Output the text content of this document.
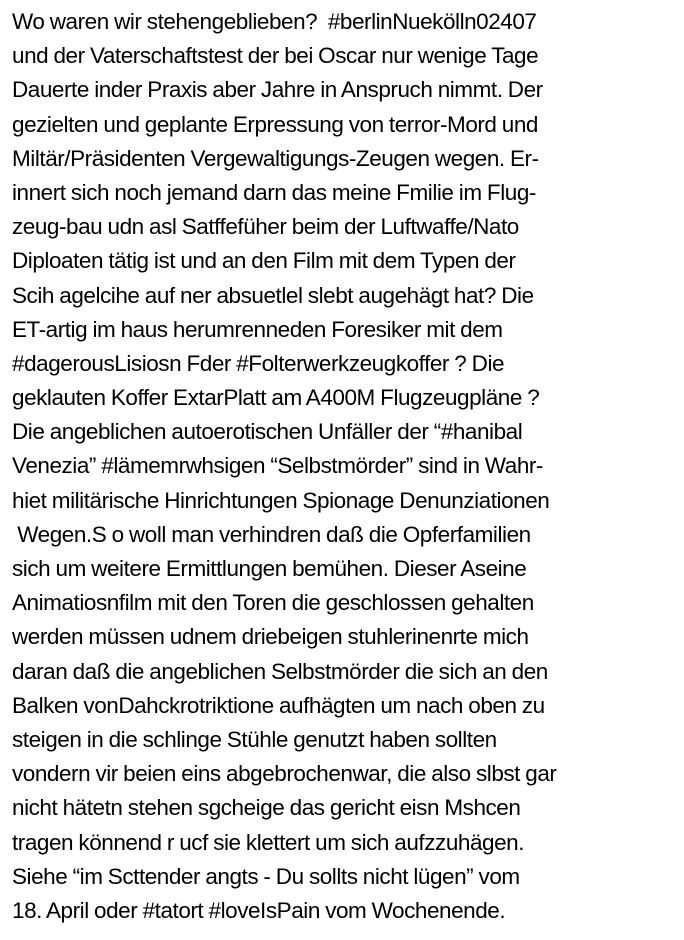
Wo waren wir stehengeblieben?  #berlinNuekölln02407
und der Vaterschaftstest der bei Oscar nur wenige Tage
Dauerte inder Praxis aber Jahre in Anspruch nimmt. Der
gezielten und geplante Erpressung von terror-Mord und
Miltär/Präsidenten Vergewaltigungs-Zeugen wegen. Er-
innert sich noch jemand darn das meine Fmilie im Flug-
zeug-bau udn asl Satffefüher beim der Luftwaffe/Nato
Diploaten tätig ist und an den Film mit dem Typen der
Scih agelcihe auf ner absuetlel slebt augehägt hat? Die
ET-artig im haus herumrenneden Foresiker mit dem
#dagerousLisiosn Fder #Folterwerkzeugkoffer ? Die
geklauten Koffer ExtarPlatt am A400M Flugzeugpläne ?
Die angeblichen autoerotischen Unfäller der “#hanibal
Venezia” #lämemrwhsigen “Selbstmörder” sind in Wahr-
hiet militärische Hinrichtungen Spionage Denunziationen
Wegen.S o woll man verhindren daß die Opferfamilien
sich um weitere Ermittlungen bemühen. Dieser Aseine
Animatiosnfilm mit den Toren die geschlossen gehalten
werden müssen udnem driebeigen stuhlerinenrte mich
daran daß die angeblichen Selbstmörder die sich an den
Balken vonDahckrotriktione aufhägten um nach oben zu
steigen in die schlinge Stühle genutzt haben sollten
vondern vir beien eins abgebrochenwar, die also slbst gar
nicht hätetn stehen sgcheige das gericht eisn Mshcen
tragen könnend r ucf sie klettert um sich aufzzuhägen.
Siehe “im Scttender angts - Du sollts nicht lügen” vom
18. April oder #tatort #loveIsPain vom Wochenende.
